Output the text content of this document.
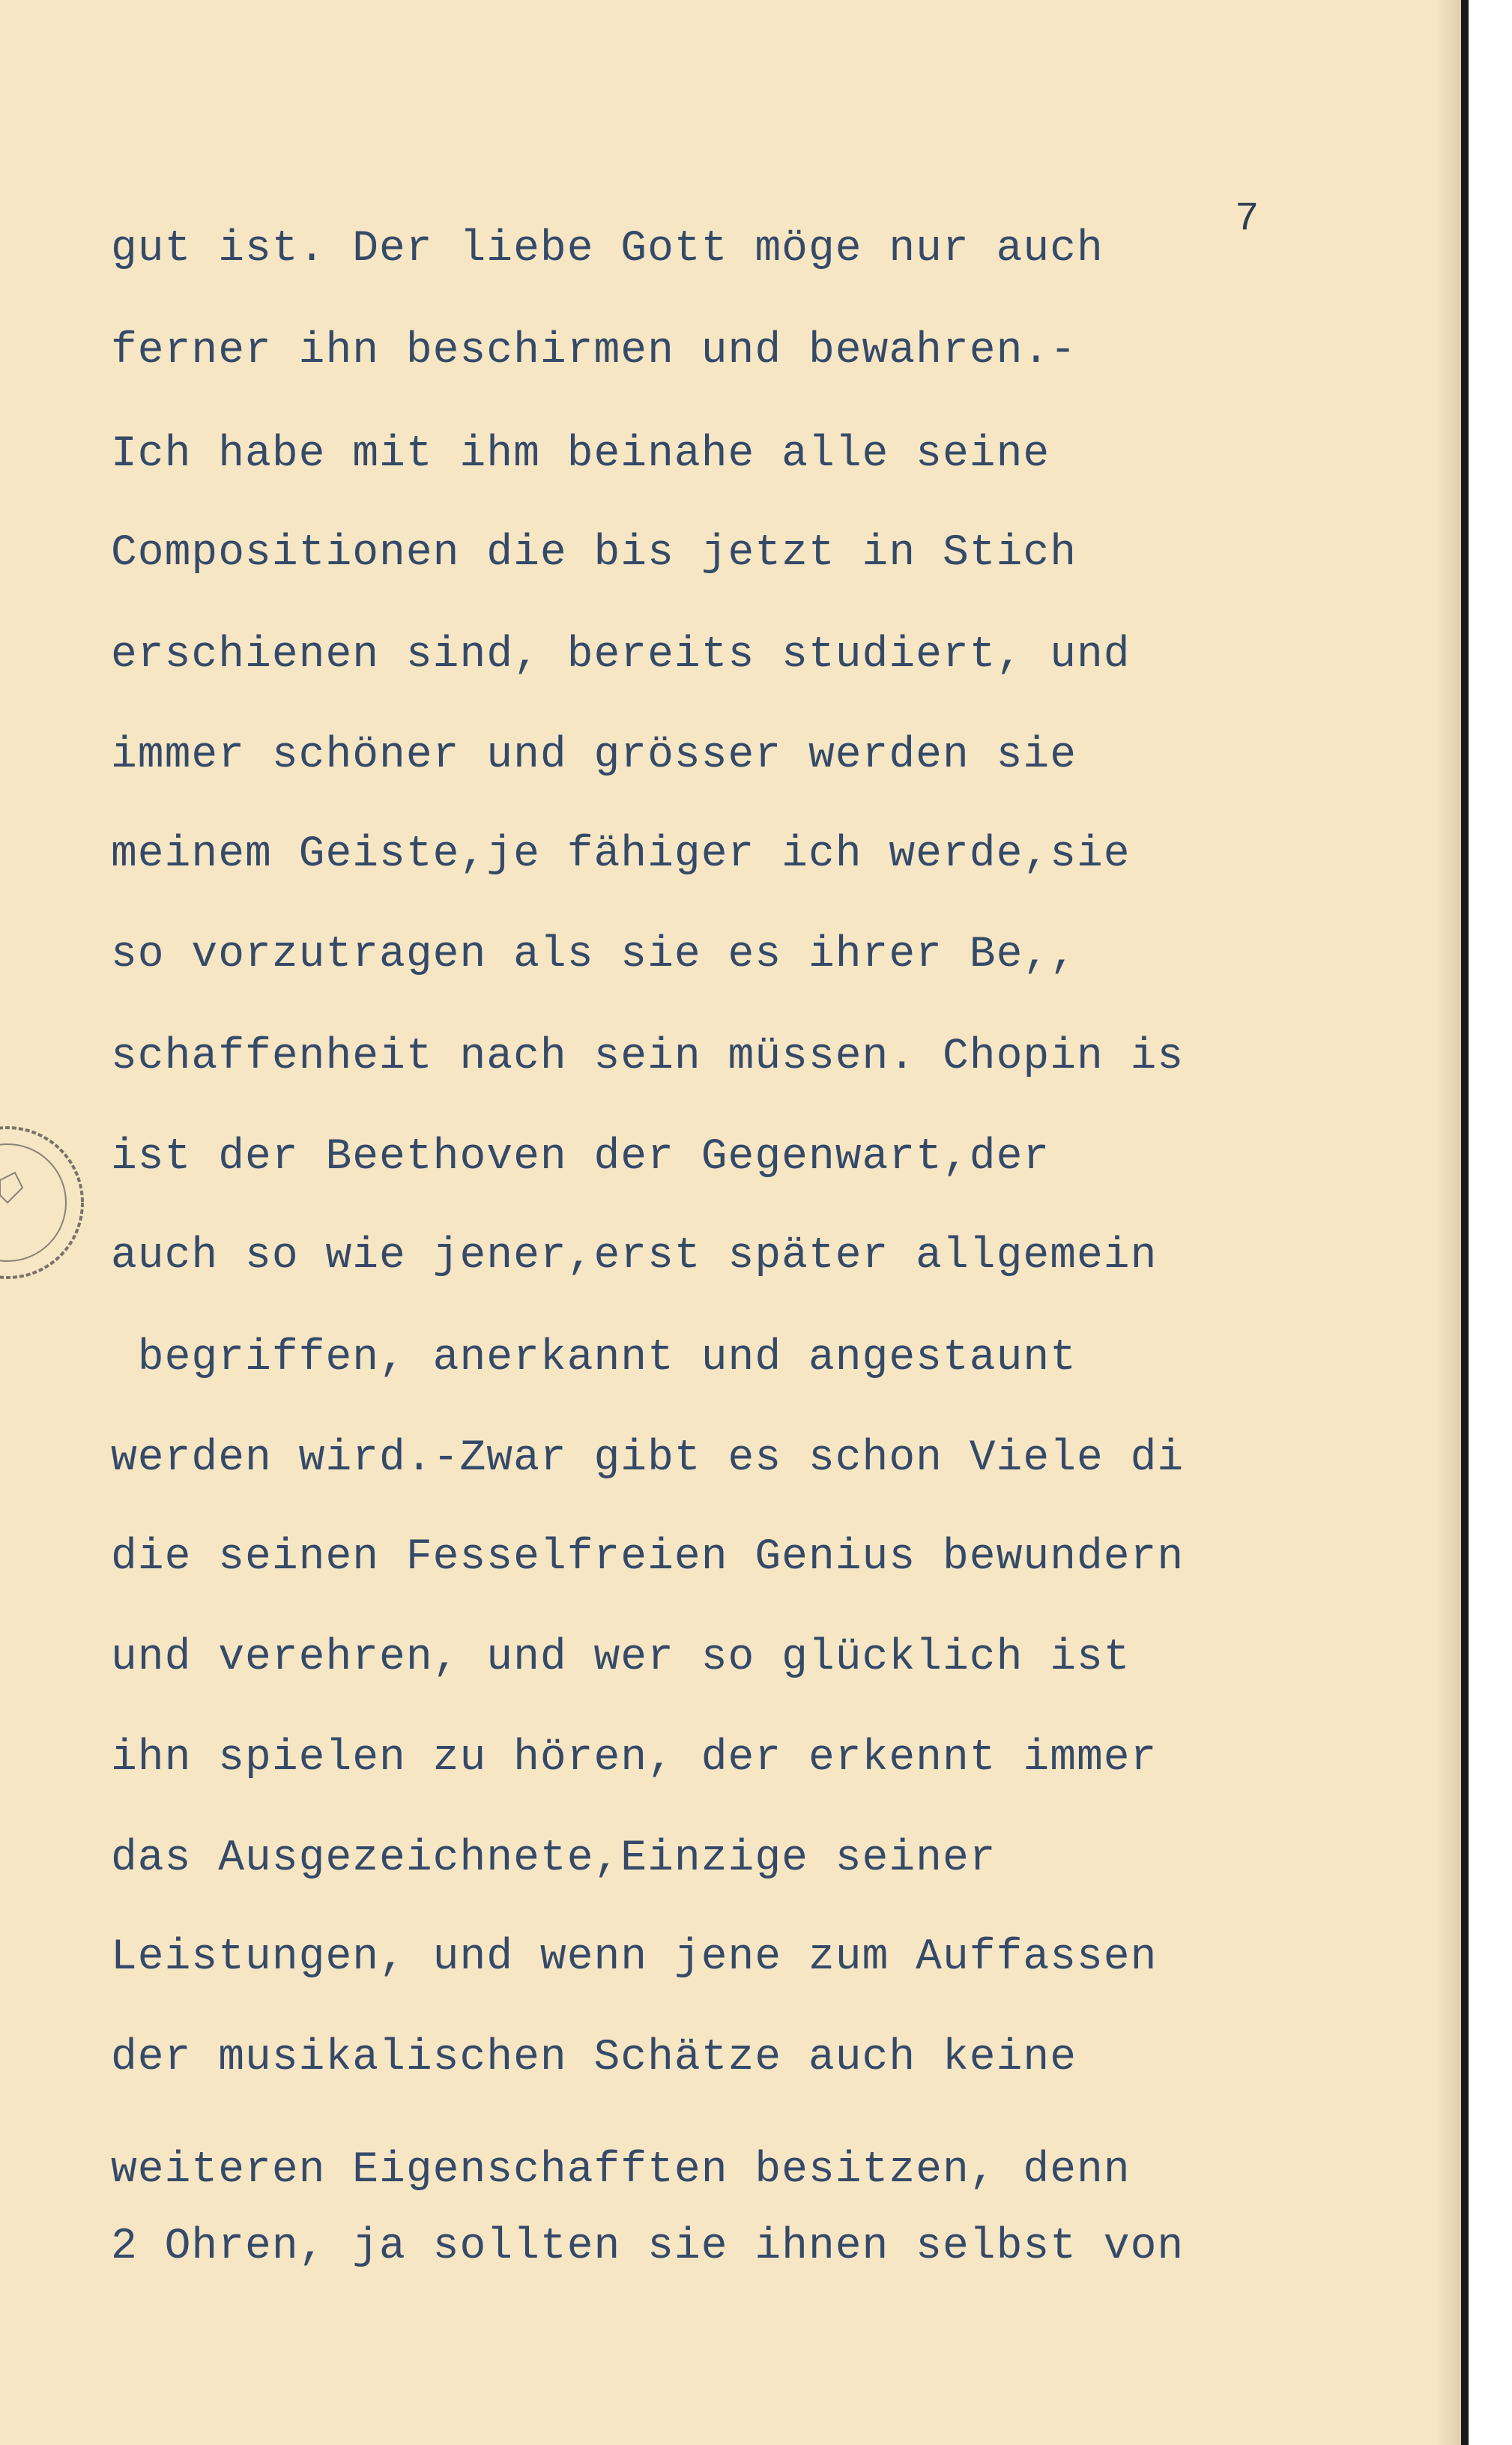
7
gut ist. Der liebe Gott möge nur auch
ferner ihn beschirmen und bewahren.-
Ich habe mit ihm beinahe alle seine
Compositionen die bis jetzt in Stich
erschienen sind, bereits studiert, und
immer schöner und grösser werden sie
meinem Geiste,je fähiger ich werde,sie
so vorzutragen als sie es ihrer Be,,
schaffenheit nach sein müssen. Chopin is
ist der Beethoven der Gegenwart,der
auch so wie jener,erst später allgemein
begriffen, anerkannt und angestaunt
werden wird.-Zwar gibt es schon Viele di
die seinen Fesselfreien Genius bewundern
und verehren, und wer so glücklich ist
ihn spielen zu hören, der erkennt immer
das Ausgezeichnete,Einzige seiner
Leistungen, und wenn jene zum Auffassen
der musikalischen Schätze auch keine
weiteren Eigenschafften besitzen, denn
2 Ohren, ja sollten sie ihnen selbst von
